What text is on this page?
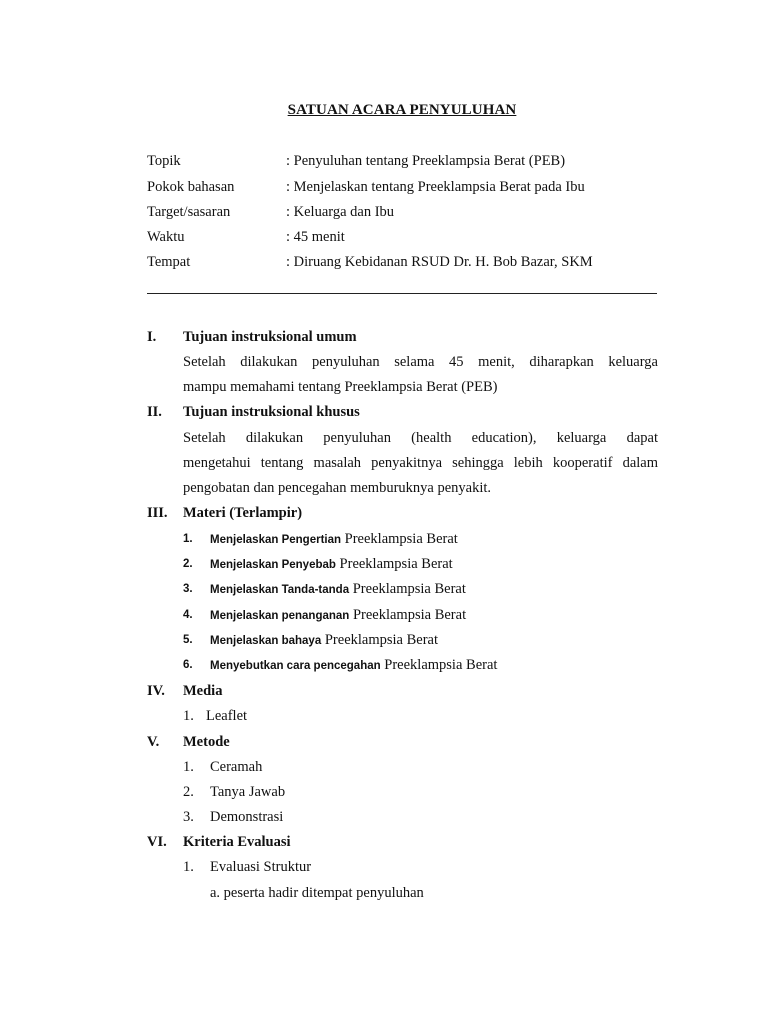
SATUAN ACARA PENYULUHAN
Topik	: Penyuluhan tentang Preeklampsia Berat (PEB)
Pokok bahasan	: Menjelaskan tentang Preeklampsia Berat pada Ibu
Target/sasaran	: Keluarga dan Ibu
Waktu	: 45 menit
Tempat	: Diruang Kebidanan RSUD Dr. H. Bob Bazar, SKM
I. Tujuan instruksional umum
Setelah dilakukan penyuluhan selama 45 menit, diharapkan keluarga
mampu memahami tentang Preeklampsia Berat (PEB)
II. Tujuan instruksional khusus
Setelah dilakukan penyuluhan (health education), keluarga dapat
mengetahui tentang masalah penyakitnya sehingga lebih kooperatif dalam
pengobatan dan pencegahan memburuknya penyakit.
III. Materi (Terlampir)
1. Menjelaskan Pengertian Preeklampsia Berat
2. Menjelaskan Penyebab Preeklampsia Berat
3. Menjelaskan Tanda-tanda Preeklampsia Berat
4. Menjelaskan penanganan Preeklampsia Berat
5. Menjelaskan bahaya Preeklampsia Berat
6. Menyebutkan cara pencegahan Preeklampsia Berat
IV. Media
1. Leaflet
V. Metode
1. Ceramah
2. Tanya Jawab
3. Demonstrasi
VI. Kriteria Evaluasi
1. Evaluasi Struktur
a. peserta hadir ditempat penyuluhan
